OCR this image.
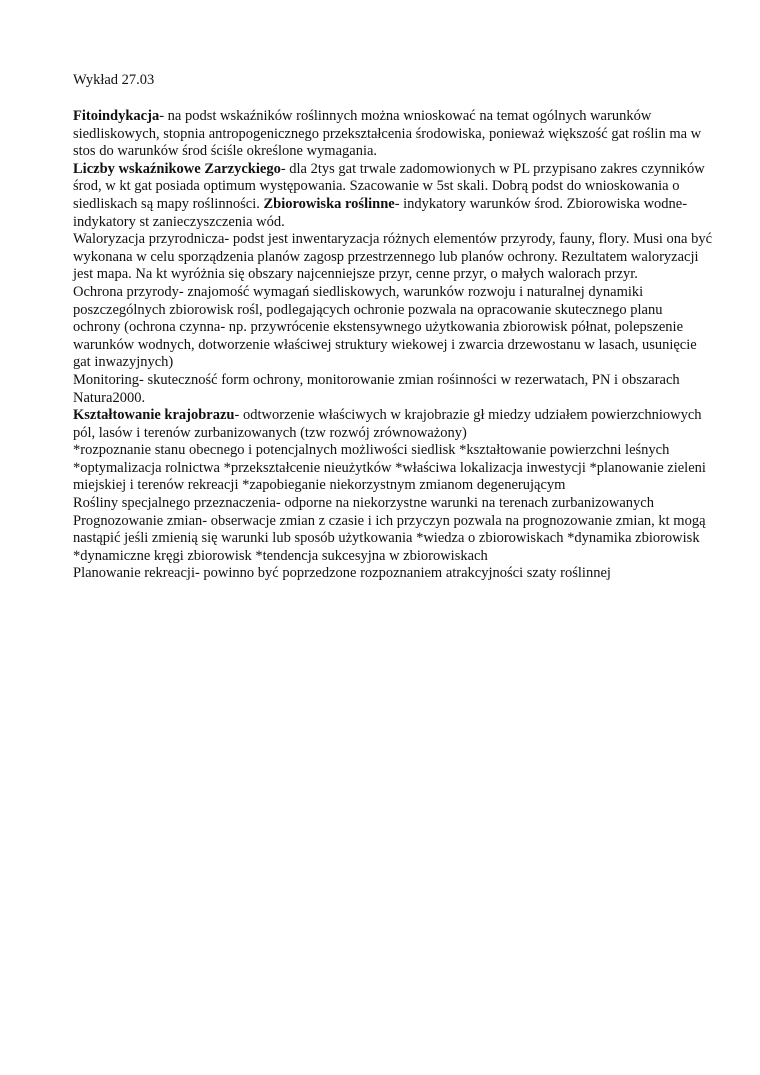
Wykład 27.03

Fitoindykacja- na podst wskaźników roślinnych można wnioskować na temat ogólnych warunków siedliskowych, stopnia antropogenicznego przekształcenia środowiska, ponieważ większość gat roślin ma w stos do warunków środ ściśle określone wymagania.

Liczby wskaźnikowe Zarzyckiego- dla 2tys gat trwale zadomowionych w PL przypisano zakres czynników środ, w kt gat posiada optimum występowania. Szacowanie w 5st skali. Dobrą podst do wnioskowania o siedliskach są mapy roślinności. Zbiorowiska roślinne- indykatory warunków środ. Zbiorowiska wodne- indykatory st zanieczyszczenia wód.

Waloryzacja przyrodnicza- podst jest inwentaryzacja różnych elementów przyrody, fauny, flory. Musi ona być wykonana w celu sporządzenia planów zagosp przestrzennego lub planów ochrony. Rezultatem waloryzacji jest mapa. Na kt wyróżnia się obszary najcenniejsze przyr, cenne przyr, o małych walorach przyr.

Ochrona przyrody- znajomość wymagań siedliskowych, warunków rozwoju i naturalnej dynamiki poszczególnych zbiorowisk rośl, podlegających ochronie pozwala na opracowanie skutecznego planu ochrony (ochrona czynna- np. przywrócenie ekstensywnego użytkowania zbiorowisk półnat, polepszenie warunków wodnych, dotworzenie właściwej struktury wiekowej i zwarcia drzewostanu w lasach, usunięcie gat inwazyjnych)

Monitoring- skuteczność form ochrony, monitorowanie zmian rośinności w rezerwatach, PN i obszarach Natura2000.

Kształtowanie krajobrazu- odtworzenie właściwych w krajobrazie gł miedzy udziałem powierzchniowych pól, lasów i terenów zurbanizowanych (tzw rozwój zrównoważony)

*rozpoznanie stanu obecnego i potencjalnych możliwości siedlisk *kształtowanie powierzchni leśnych *optymalizacja rolnictwa *przekształcenie nieużytków *właściwa lokalizacja inwestycji *planowanie zieleni miejskiej i terenów rekreacji *zapobieganie niekorzystnym zmianom degenerującym

Rośliny specjalnego przeznaczenia- odporne na niekorzystne warunki na terenach zurbanizowanych

Prognozowanie zmian- obserwacje zmian z czasie i ich przyczyn pozwala na prognozowanie zmian, kt mogą nastąpić jeśli zmienią się warunki lub sposób użytkowania *wiedza o zbiorowiskach *dynamika zbiorowisk *dynamiczne kręgi zbiorowisk *tendencja sukcesyjna w zbiorowiskach

Planowanie rekreacji- powinno być poprzedzone rozpoznaniem atrakcyjności szaty roślinnej
